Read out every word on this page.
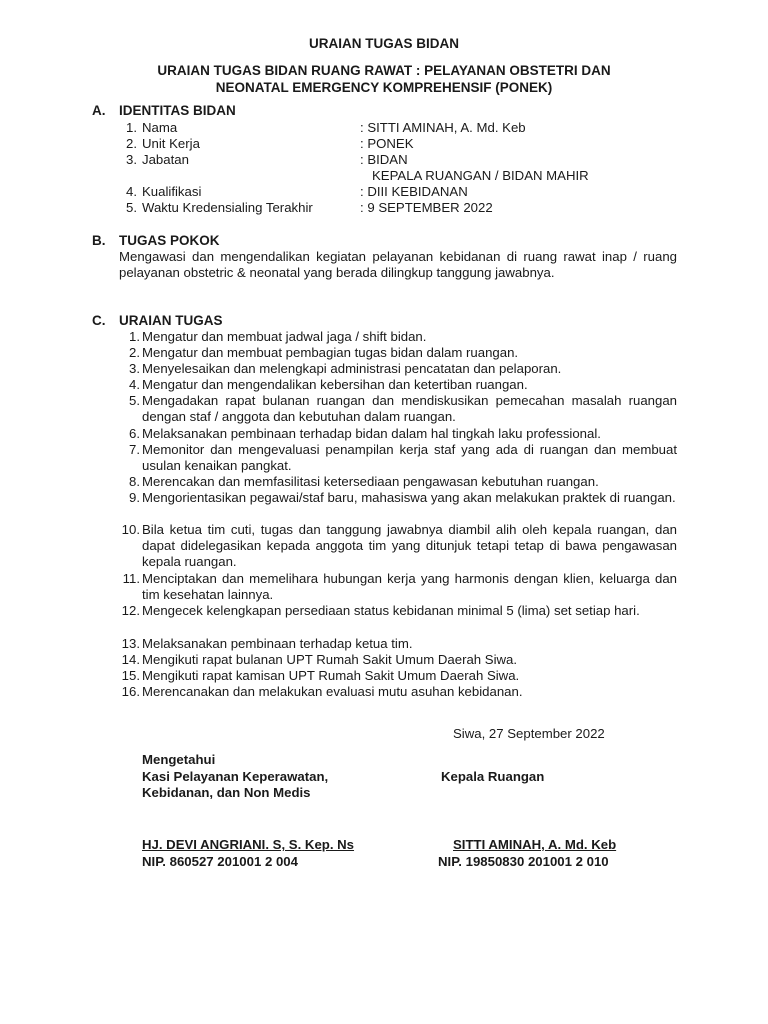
URAIAN TUGAS BIDAN
URAIAN TUGAS BIDAN RUANG RAWAT : PELAYANAN OBSTETRI DAN
NEONATAL EMERGENCY KOMPREHENSIF (PONEK)
A. IDENTITAS BIDAN
1. Nama	: SITTI AMINAH, A. Md. Keb
2. Unit Kerja	: PONEK
3. Jabatan	: BIDAN
KEPALA RUANGAN / BIDAN MAHIR
4. Kualifikasi	: DIII KEBIDANAN
5. Waktu Kredensialing Terakhir	: 9 SEPTEMBER 2022
B. TUGAS POKOK
Mengawasi dan mengendalikan kegiatan pelayanan kebidanan di ruang rawat inap / ruang pelayanan obstetric & neonatal yang berada dilingkup tanggung jawabnya.
C. URAIAN TUGAS
1. Mengatur dan membuat jadwal jaga / shift bidan.
2. Mengatur dan membuat pembagian tugas bidan dalam ruangan.
3. Menyelesaikan dan melengkapi administrasi pencatatan dan pelaporan.
4. Mengatur dan mengendalikan kebersihan dan ketertiban ruangan.
5. Mengadakan rapat bulanan ruangan dan mendiskusikan pemecahan masalah ruangan dengan staf / anggota dan kebutuhan dalam ruangan.
6. Melaksanakan pembinaan terhadap bidan dalam hal tingkah laku professional.
7. Memonitor dan mengevaluasi penampilan kerja staf yang ada di ruangan dan membuat usulan kenaikan pangkat.
8. Merencakan dan memfasilitasi ketersediaan pengawasan kebutuhan ruangan.
9. Mengorientasikan pegawai/staf baru, mahasiswa yang akan melakukan praktek di ruangan.
10. Bila ketua tim cuti, tugas dan tanggung jawabnya diambil alih oleh kepala ruangan, dan dapat didelegasikan kepada anggota tim yang ditunjuk tetapi tetap di bawa pengawasan kepala ruangan.
11. Menciptakan dan memelihara hubungan kerja yang harmonis dengan klien, keluarga dan tim kesehatan lainnya.
12. Mengecek kelengkapan persediaan status kebidanan minimal 5 (lima) set setiap hari.
13. Melaksanakan pembinaan terhadap ketua tim.
14. Mengikuti rapat bulanan UPT Rumah Sakit Umum Daerah Siwa.
15. Mengikuti rapat kamisan UPT Rumah Sakit Umum Daerah Siwa.
16. Merencanakan dan melakukan evaluasi mutu asuhan kebidanan.
Siwa, 27 September 2022
Mengetahui
Kasi Pelayanan Keperawatan,
Kebidanan, dan Non Medis
Kepala Ruangan
HJ. DEVI ANGRIANI. S, S. Kep. Ns
NIP. 860527 201001 2 004
SITTI AMINAH, A. Md. Keb
NIP. 19850830 201001 2 010
